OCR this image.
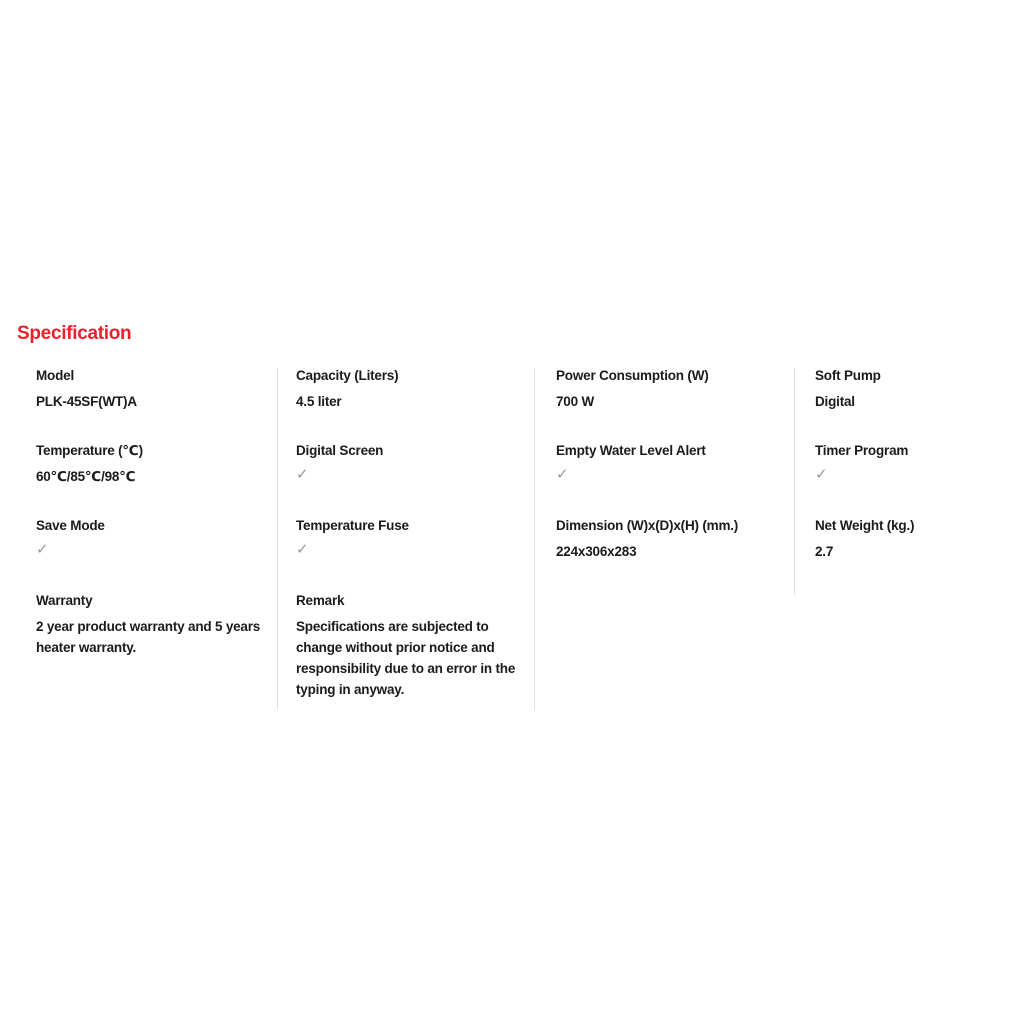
Specification
Model
PLK-45SF(WT)A
Temperature (℃)
60℃/85℃/98℃
Save Mode
✓
Warranty
2 year product warranty and 5 years heater warranty.
Capacity (Liters)
4.5 liter
Digital Screen
✓
Temperature Fuse
✓
Remark
Specifications are subjected to change without prior notice and responsibility due to an error in the typing in anyway.
Power Consumption (W)
700 W
Empty Water Level Alert
✓
Dimension (W)x(D)x(H) (mm.)
224x306x283
Soft Pump
Digital
Timer Program
✓
Net Weight (kg.)
2.7
